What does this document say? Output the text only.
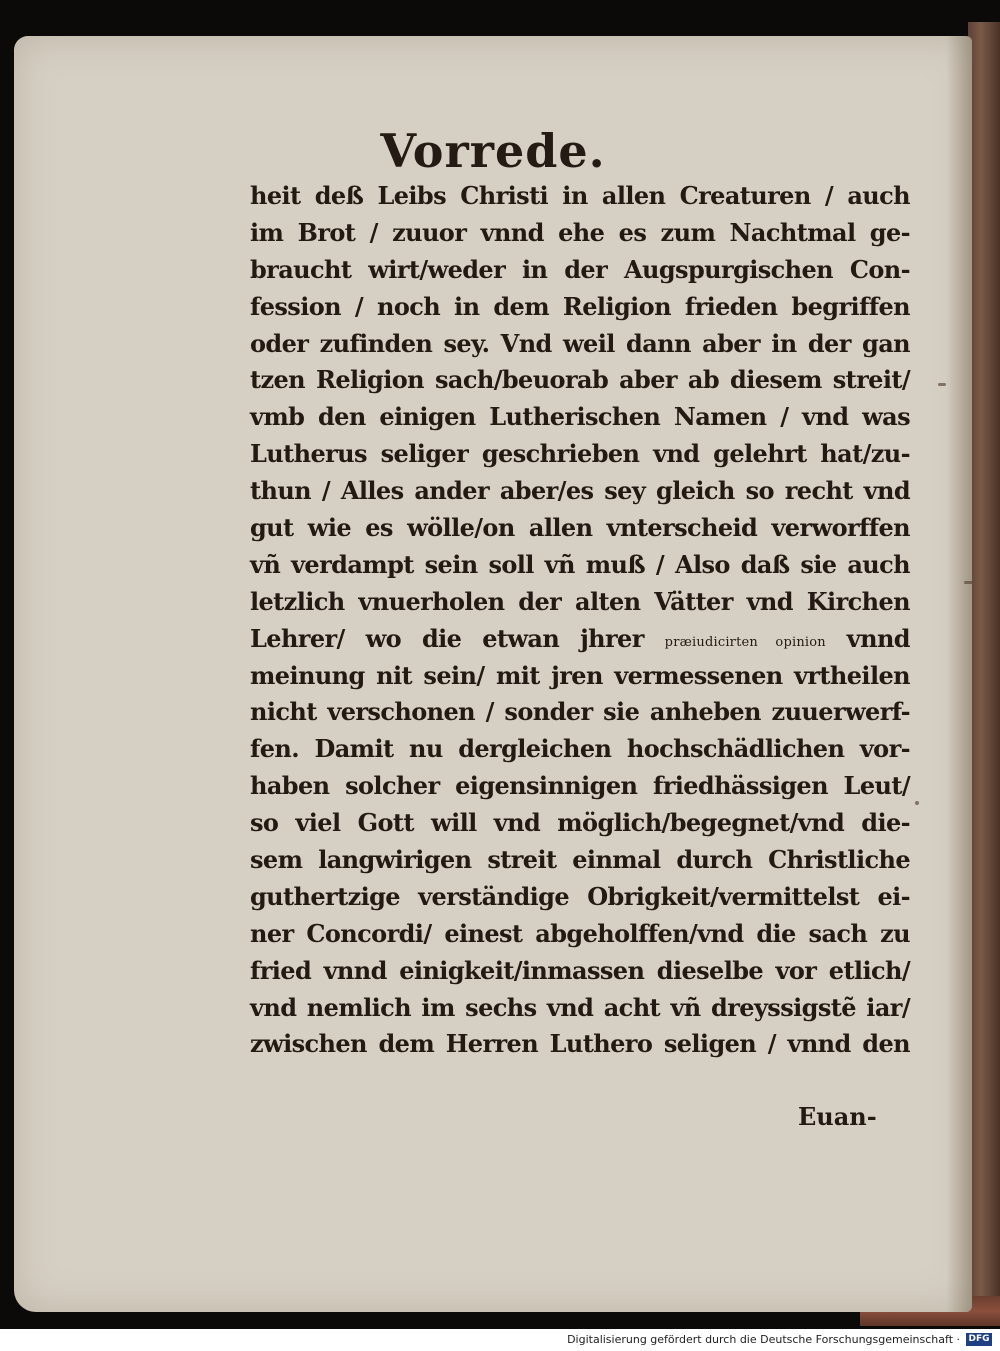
Vorrede.
heit deß Leibs Christi in allen Creaturen / auch
im Brot / zuuor vnnd ehe es zum Nachtmal ge-
braucht wirt/weder in der Augspurgischen Con-
fession / noch in dem Religion frieden begriffen
oder zufinden sey. Vnd weil dann aber in der gan
tzen Religion sach/beuorab aber ab diesem streit/
vmb den einigen Lutherischen Namen / vnd was
Lutherus seliger geschrieben vnd gelehrt hat/zu-
thun / Alles ander aber/es sey gleich so recht vnd
gut wie es wölle/on allen vnterscheid verworffen
vñ verdampt sein soll vñ muß / Also daß sie auch
letzlich vnuerholen der alten Vätter vnd Kirchen
Lehrer/ wo die etwan jhrer præiudicirten opinion vnnd
meinung nit sein/ mit jren vermessenen vrtheilen
nicht verschonen / sonder sie anheben zuuerwerf-
fen. Damit nu dergleichen hochschädlichen vor-
haben solcher eigensinnigen friedhässigen Leut/
so viel Gott will vnd möglich/begegnet/vnd die-
sem langwirigen streit einmal durch Christliche
guthertzige verständige Obrigkeit/vermittelst ei-
ner Concordi/ einest abgeholffen/vnd die sach zu
fried vnnd einigkeit/inmassen dieselbe vor etlich/
vnd nemlich im sechs vnd acht vñ dreyssigstẽ iar/
zwischen dem Herren Luthero seligen / vnnd den
Euan-
Digitalisierung gefördert durch die Deutsche Forschungsgemeinschaft · DFG
